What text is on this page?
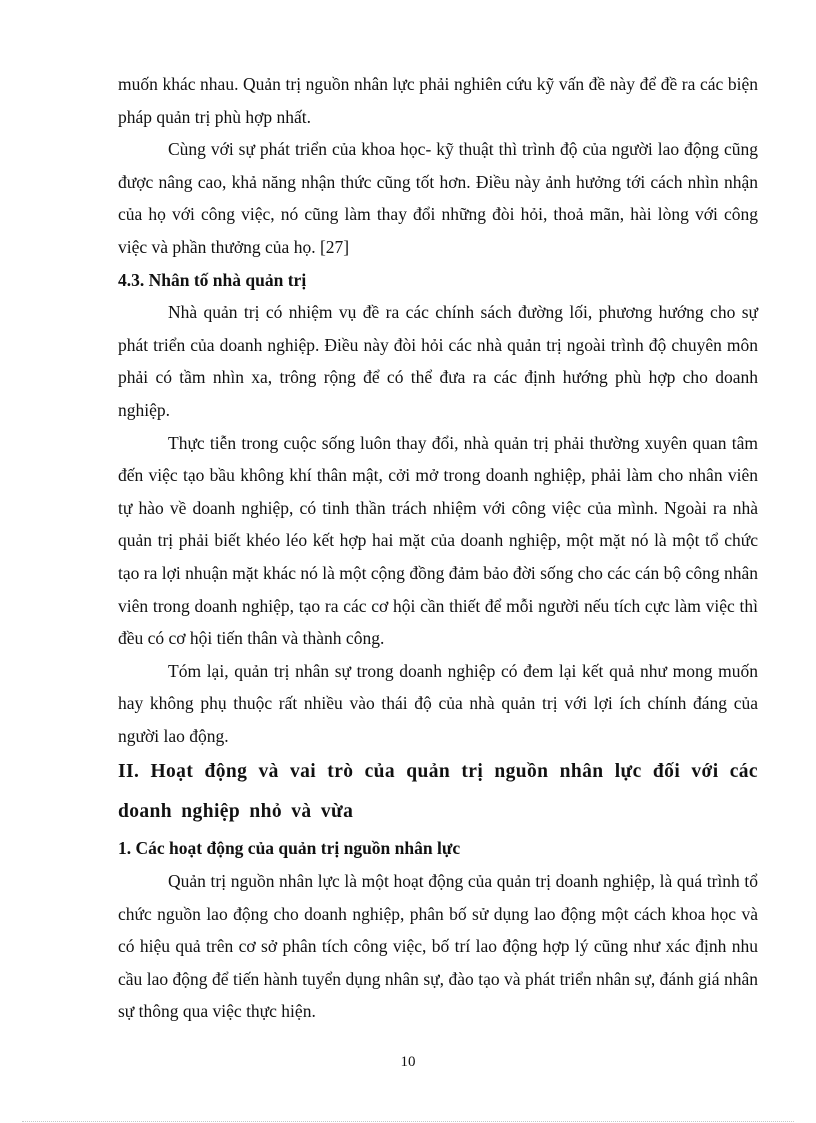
muốn khác nhau. Quản trị nguồn nhân lực phải nghiên cứu kỹ vấn đề này để đề ra các biện pháp quản trị phù hợp nhất.

Cùng với sự phát triển của khoa học- kỹ thuật thì trình độ của người lao động cũng được nâng cao, khả năng nhận thức cũng tốt hơn. Điều này ảnh hưởng tới cách nhìn nhận của họ với công việc, nó cũng làm thay đổi những đòi hỏi, thoả mãn, hài lòng với công việc và phần thưởng của họ. [27]

4.3. Nhân tố nhà quản trị

Nhà quản trị có nhiệm vụ đề ra các chính sách đường lối, phương hướng cho sự phát triển của doanh nghiệp. Điều này đòi hỏi các nhà quản trị ngoài trình độ chuyên môn phải có tầm nhìn xa, trông rộng để có thể đưa ra các định hướng phù hợp cho doanh nghiệp.

Thực tiễn trong cuộc sống luôn thay đổi, nhà quản trị phải thường xuyên quan tâm đến việc tạo bầu không khí thân mật, cởi mở trong doanh nghiệp, phải làm cho nhân viên tự hào về doanh nghiệp, có tinh thần trách nhiệm với công việc của mình. Ngoài ra nhà quản trị phải biết khéo léo kết hợp hai mặt của doanh nghiệp, một mặt nó là một tổ chức tạo ra lợi nhuận mặt khác nó là một cộng đồng đảm bảo đời sống cho các cán bộ công nhân viên trong doanh nghiệp, tạo ra các cơ hội cần thiết để mỗi người nếu tích cực làm việc thì đều có cơ hội tiến thân và thành công.

Tóm lại, quản trị nhân sự trong doanh nghiệp có đem lại kết quả như mong muốn hay không phụ thuộc rất nhiều vào thái độ của nhà quản trị với lợi ích chính đáng của người lao động.

II. Hoạt động và vai trò của quản trị nguồn nhân lực đối với các doanh nghiệp nhỏ và vừa
1. Các hoạt động của quản trị nguồn nhân lực

Quản trị nguồn nhân lực là một hoạt động của quản trị doanh nghiệp, là quá trình tổ chức nguồn lao động cho doanh nghiệp, phân bố sử dụng lao động một cách khoa học và có hiệu quả trên cơ sở phân tích công việc, bố trí lao động hợp lý cũng như xác định nhu cầu lao động để tiến hành tuyển dụng nhân sự, đào tạo và phát triển nhân sự, đánh giá nhân sự thông qua việc thực hiện.

10
